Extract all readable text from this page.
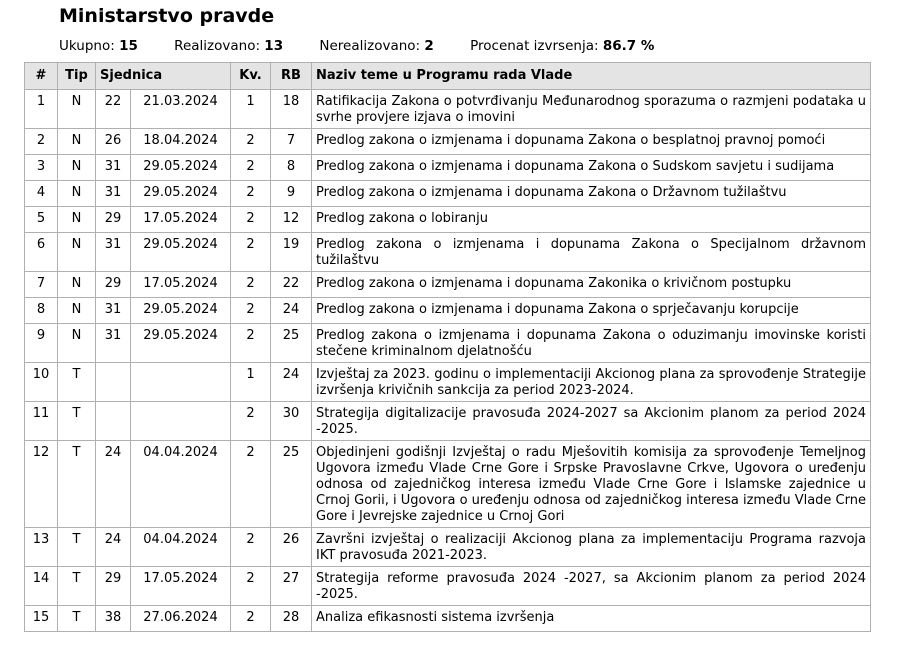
Ministarstvo pravde
Ukupno: 15	Realizovano: 13	Nerealizovano: 2	Procenat izvrsenja: 86.7 %
#	Tip	Sjednica		Kv.	RB	Naziv teme u Programu rada Vlade
1	N	22	21.03.2024	1	18	Ratifikacija Zakona o potvrđivanju Međunarodnog sporazuma o razmjeni podataka u svrhe provjere izjava o imovini
2	N	26	18.04.2024	2	7	Predlog zakona o izmjenama i dopunama Zakona o besplatnoj pravnoj pomoći
3	N	31	29.05.2024	2	8	Predlog zakona o izmjenama i dopunama Zakona o Sudskom savjetu i sudijama
4	N	31	29.05.2024	2	9	Predlog zakona o izmjenama i dopunama Zakona o Državnom tužilaštvu
5	N	29	17.05.2024	2	12	Predlog zakona o lobiranju
6	N	31	29.05.2024	2	19	Predlog zakona o izmjenama i dopunama Zakona o Specijalnom državnom tužilaštvu
7	N	29	17.05.2024	2	22	Predlog zakona o izmjenama i dopunama Zakonika o krivičnom postupku
8	N	31	29.05.2024	2	24	Predlog zakona o izmjenama i dopunama Zakona o sprječavanju korupcije
9	N	31	29.05.2024	2	25	Predlog zakona o izmjenama i dopunama Zakona o oduzimanju imovinske koristi stečene kriminalnom djelatnošću
10	T			1	24	Izvještaj za 2023. godinu o implementaciji Akcionog plana za sprovođenje Strategije izvršenja krivičnih sankcija za period 2023-2024.
11	T			2	30	Strategija digitalizacije pravosuđa 2024-2027 sa Akcionim planom za period 2024 -2025.
12	T	24	04.04.2024	2	25	Objedinjeni godišnji Izvještaj o radu Mješovitih komisija za sprovođenje Temeljnog Ugovora između Vlade Crne Gore i Srpske Pravoslavne Crkve, Ugovora o uređenju odnosa od zajedničkog interesa između Vlade Crne Gore i Islamske zajednice u Crnoj Gorii, i Ugovora o uređenju odnosa od zajedničkog interesa između Vlade Crne Gore i Jevrejske zajednice u Crnoj Gori
13	T	24	04.04.2024	2	26	Završni izvještaj o realizaciji Akcionog plana za implementaciju Programa razvoja IKT pravosuđa 2021-2023.
14	T	29	17.05.2024	2	27	Strategija reforme pravosuđa 2024 -2027, sa Akcionim planom za period 2024 -2025.
15	T	38	27.06.2024	2	28	Analiza efikasnosti sistema izvršenja
